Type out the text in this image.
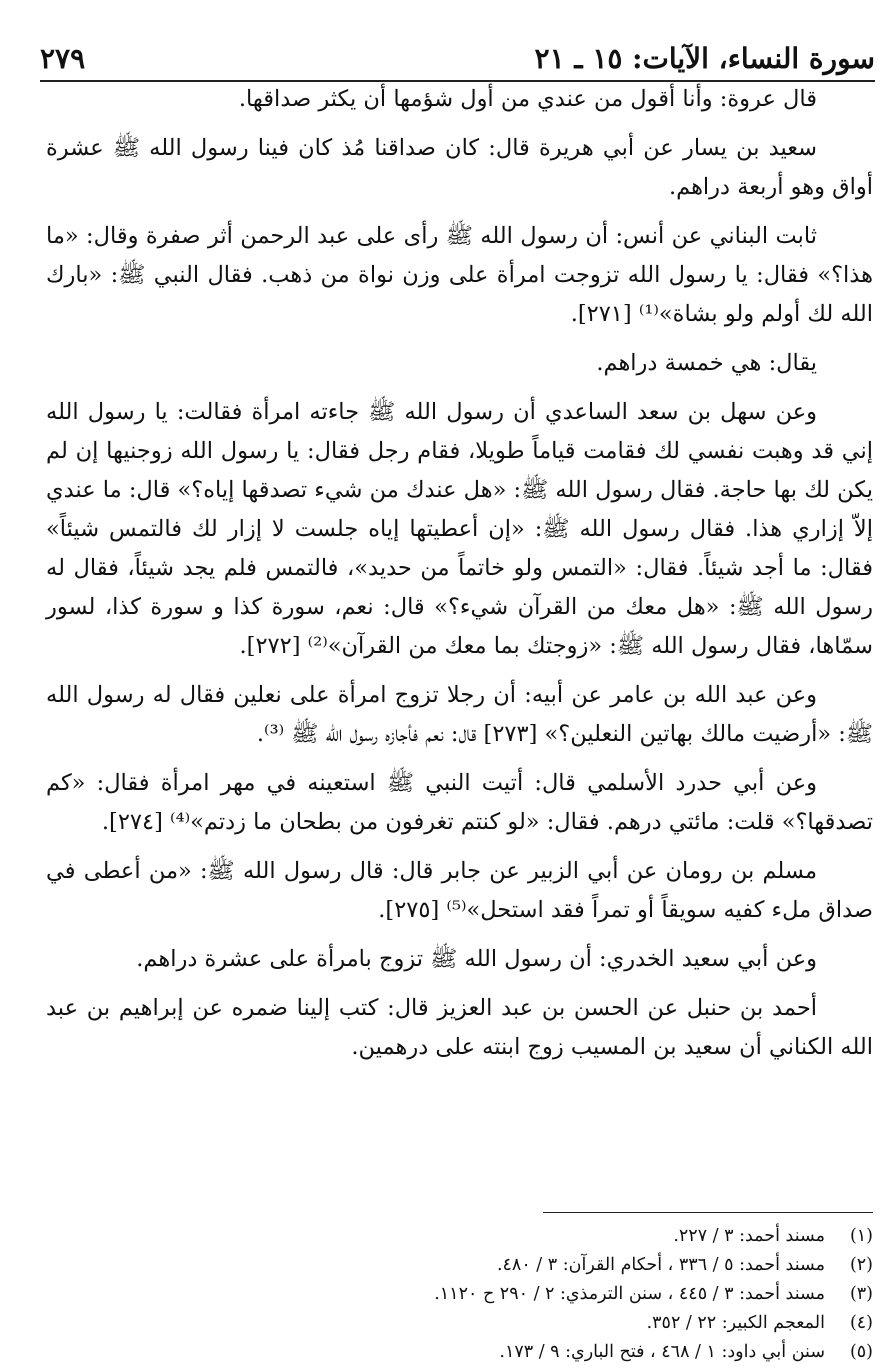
سورة النساء، الآيات: ١٥ ـ ٢١
٢٧٩

قال عروة: وأنا أقول من عندي من أول شؤمها أن يكثر صداقها.

سعيد بن يسار عن أبي هريرة قال: كان صداقنا مُذ كان فينا رسول الله ﷺ عشرة أواق وهو أربعة دراهم.

ثابت البناني عن أنس: أن رسول الله ﷺ رأى على عبد الرحمن أثر صفرة وقال: «ما هذا؟» فقال: يا رسول الله تزوجت امرأة على وزن نواة من ذهب. فقال النبي ﷺ: «بارك الله لك أولم ولو بشاة»⁽¹⁾ [٢٧١].

يقال: هي خمسة دراهم.

وعن سهل بن سعد الساعدي أن رسول الله ﷺ جاءته امرأة فقالت: يا رسول الله إني قد وهبت نفسي لك فقامت قياماً طويلا، فقام رجل فقال: يا رسول الله زوجنيها إن لم يكن لك بها حاجة. فقال رسول الله ﷺ: «هل عندك من شيء تصدقها إياه؟» قال: ما عندي إلاّ إزاري هذا. فقال رسول الله ﷺ: «إن أعطيتها إياه جلست لا إزار لك فالتمس شيئاً» فقال: ما أجد شيئاً. فقال: «التمس ولو خاتماً من حديد»، فالتمس فلم يجد شيئاً، فقال له رسول الله ﷺ: «هل معك من القرآن شيء؟» قال: نعم، سورة كذا و سورة كذا، لسور سمّاها، فقال رسول الله ﷺ: «زوجتك بما معك من القرآن»⁽²⁾ [٢٧٢].

وعن عبد الله بن عامر عن أبيه: أن رجلا تزوج امرأة على نعلين فقال له رسول الله ﷺ: «أرضيت مالك بهاتين النعلين؟» [٢٧٣] قال: نعم فأجازه رسول الله ﷺ ⁽³⁾.

وعن أبي حدرد الأسلمي قال: أتيت النبي ﷺ استعينه في مهر امرأة فقال: «كم تصدقها؟» قلت: مائتي درهم. فقال: «لو كنتم تغرفون من بطحان ما زدتم»⁽⁴⁾ [٢٧٤].

مسلم بن رومان عن أبي الزبير عن جابر قال: قال رسول الله ﷺ: «من أعطى في صداق ملء كفيه سويقاً أو تمراً فقد استحل»⁽⁵⁾ [٢٧٥].

وعن أبي سعيد الخدري: أن رسول الله ﷺ تزوج بامرأة على عشرة دراهم.

أحمد بن حنبل عن الحسن بن عبد العزيز قال: كتب إلينا ضمره عن إبراهيم بن عبد الله الكناني أن سعيد بن المسيب زوج ابنته على درهمين.

(١)
مسند أحمد: ٣ / ٢٢٧.
(٢)
مسند أحمد: ٥ / ٣٣٦ ، أحكام القرآن: ٣ / ٤٨٠.
(٣)
مسند أحمد: ٣ / ٤٤٥ ، سنن الترمذي: ٢ / ٢٩٠ ح ١١٢٠.
(٤)
المعجم الكبير: ٢٢ / ٣٥٢.
(٥)
سنن أبي داود: ١ / ٤٦٨ ، فتح الباري: ٩ / ١٧٣.
